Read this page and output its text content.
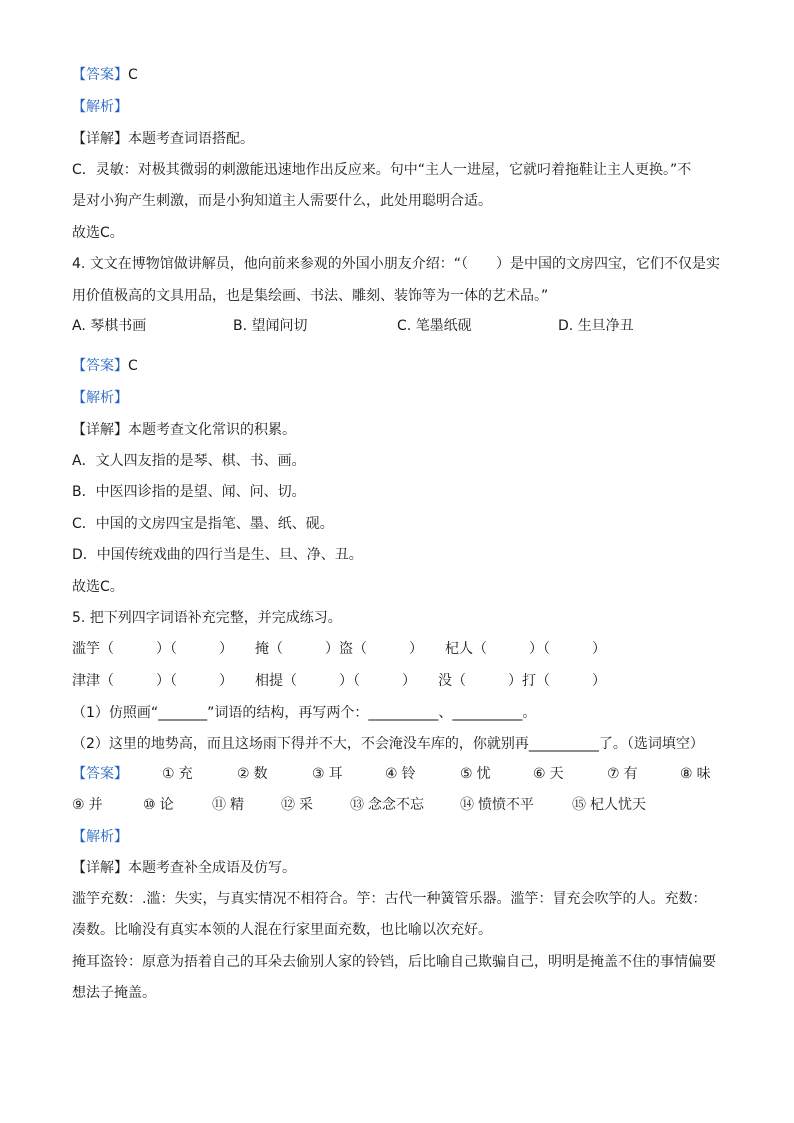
【答案】C
【解析】
【详解】本题考查词语搭配。
C．灵敏：对极其微弱的刺激能迅速地作出反应来。句中“主人一进屋，它就叼着拖鞋让主人更换。”不
是对小狗产生刺激，而是小狗知道主人需要什么，此处用聪明合适。
故选C。
4. 文文在博物馆做讲解员，他向前来参观的外国小朋友介绍：“（　　）是中国的文房四宝，它们不仅是实
用价值极高的文具用品，也是集绘画、书法、雕刻、装饰等为一体的艺术品。”
A. 琴棋书画	B. 望闻问切	C. 笔墨纸砚	D. 生旦净丑
【答案】C
【解析】
【详解】本题考查文化常识的积累。
A．文人四友指的是琴、棋、书、画。
B．中医四诊指的是望、闻、问、切。
C．中国的文房四宝是指笔、墨、纸、砚。
D．中国传统戏曲的四行当是生、旦、净、丑。
故选C。
5. 把下列四字词语补充完整，并完成练习。
滥竽（　　　）（　　　） 掩（　　　）盗（　　　） 杞人（　　　）（　　　）
津津（　　　）（　　　） 相提（　　　）（　　　） 没（　　　）打（　　　）
（1）仿照画“_______”词语的结构，再写两个：__________、__________。
（2）这里的地势高，而且这场雨下得并不大，不会淹没车库的，你就别再__________了。（选词填空）
【答案】 ① 充	② 数	③ 耳	④ 铃	⑤ 忧	⑥ 天	⑦ 有	⑧ 味
⑨ 并	⑩ 论	⑪ 精	⑫ 采	⑬ 念念不忘	⑭ 愤愤不平	⑮ 杞人忧天
【解析】
【详解】本题考查补全成语及仿写。
滥竽充数：.滥：失实，与真实情况不相符合。竽：古代一种簧管乐器。滥竽：冒充会吹竽的人。充数：
凑数。比喻没有真实本领的人混在行家里面充数，也比喻以次充好。
掩耳盗铃：原意为捂着自己的耳朵去偷别人家的铃铛，后比喻自己欺骗自己，明明是掩盖不住的事情偏要
想法子掩盖。
